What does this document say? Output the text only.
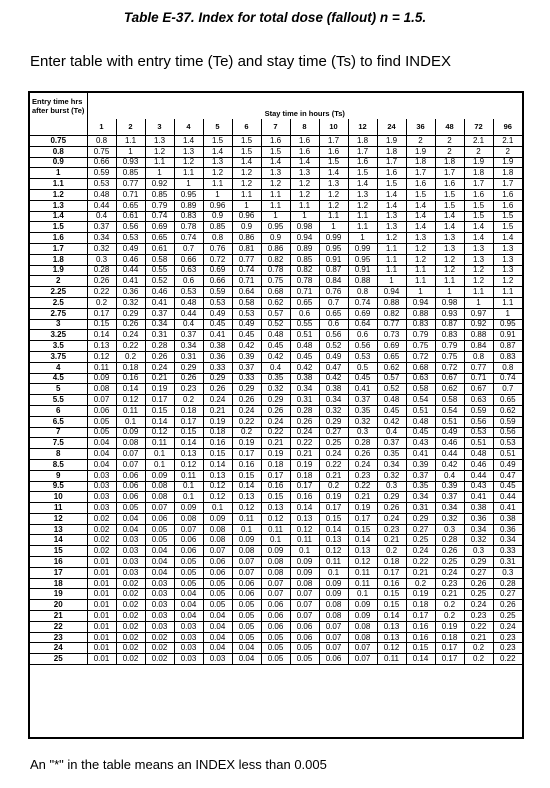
Table E-37. Index for total dose (fallout) n = 1.5.
Enter table with entry time (Te) and stay time (Ts) to find INDEX
Entry time hrs after burst (Te)	Stay time in hours (Ts)														
	1	2	3	4	5	6	7	8	10	12	24	36	48	72	96
0.75	0.8	1.1	1.3	1.4	1.5	1.5	1.6	1.6	1.7	1.8	1.9	2	2	2.1	2.1
0.8	0.75	1	1.2	1.3	1.4	1.5	1.5	1.6	1.6	1.7	1.8	1.9	2	2	2
0.9	0.66	0.93	1.1	1.2	1.3	1.4	1.4	1.4	1.5	1.6	1.7	1.8	1.8	1.9	1.9
1	0.59	0.85	1	1.1	1.2	1.2	1.3	1.3	1.4	1.5	1.6	1.7	1.7	1.8	1.8
1.1	0.53	0.77	0.92	1	1.1	1.2	1.2	1.2	1.3	1.4	1.5	1.6	1.6	1.7	1.7
1.2	0.48	0.71	0.85	0.95	1	1.1	1.1	1.2	1.2	1.3	1.4	1.5	1.5	1.6	1.6
1.3	0.44	0.65	0.79	0.89	0.96	1	1.1	1.1	1.2	1.2	1.4	1.4	1.5	1.5	1.6
1.4	0.4	0.61	0.74	0.83	0.9	0.96	1	1	1.1	1.1	1.3	1.4	1.4	1.5	1.5
1.5	0.37	0.56	0.69	0.78	0.85	0.9	0.95	0.98	1	1.1	1.3	1.4	1.4	1.4	1.5
1.6	0.34	0.53	0.65	0.74	0.8	0.86	0.9	0.94	0.99	1	1.2	1.3	1.3	1.4	1.4
1.7	0.32	0.49	0.61	0.7	0.76	0.81	0.86	0.89	0.95	0.99	1.1	1.2	1.3	1.3	1.3
1.8	0.3	0.46	0.58	0.66	0.72	0.77	0.82	0.85	0.91	0.95	1.1	1.2	1.2	1.3	1.3
1.9	0.28	0.44	0.55	0.63	0.69	0.74	0.78	0.82	0.87	0.91	1.1	1.1	1.2	1.2	1.3
2	0.26	0.41	0.52	0.6	0.66	0.71	0.75	0.78	0.84	0.88	1	1.1	1.1	1.2	1.2
2.25	0.22	0.36	0.46	0.53	0.59	0.64	0.68	0.71	0.76	0.8	0.94	1	1	1.1	1.1
2.5	0.2	0.32	0.41	0.48	0.53	0.58	0.62	0.65	0.7	0.74	0.88	0.94	0.98	1	1.1
2.75	0.17	0.29	0.37	0.44	0.49	0.53	0.57	0.6	0.65	0.69	0.82	0.88	0.93	0.97	1
3	0.15	0.26	0.34	0.4	0.45	0.49	0.52	0.55	0.6	0.64	0.77	0.83	0.87	0.92	0.95
3.25	0.14	0.24	0.31	0.37	0.41	0.45	0.48	0.51	0.56	0.6	0.73	0.79	0.83	0.88	0.91
3.5	0.13	0.22	0.28	0.34	0.38	0.42	0.45	0.48	0.52	0.56	0.69	0.75	0.79	0.84	0.87
3.75	0.12	0.2	0.26	0.31	0.36	0.39	0.42	0.45	0.49	0.53	0.65	0.72	0.75	0.8	0.83
4	0.11	0.18	0.24	0.29	0.33	0.37	0.4	0.42	0.47	0.5	0.62	0.68	0.72	0.77	0.8
4.5	0.09	0.16	0.21	0.26	0.29	0.33	0.35	0.38	0.42	0.45	0.57	0.63	0.67	0.71	0.74
5	0.08	0.14	0.19	0.23	0.26	0.29	0.32	0.34	0.38	0.41	0.52	0.58	0.62	0.67	0.7
5.5	0.07	0.12	0.17	0.2	0.24	0.26	0.29	0.31	0.34	0.37	0.48	0.54	0.58	0.63	0.65
6	0.06	0.11	0.15	0.18	0.21	0.24	0.26	0.28	0.32	0.35	0.45	0.51	0.54	0.59	0.62
6.5	0.05	0.1	0.14	0.17	0.19	0.22	0.24	0.26	0.29	0.32	0.42	0.48	0.51	0.56	0.59
7	0.05	0.09	0.12	0.15	0.18	0.2	0.22	0.24	0.27	0.3	0.4	0.45	0.49	0.53	0.56
7.5	0.04	0.08	0.11	0.14	0.16	0.19	0.21	0.22	0.25	0.28	0.37	0.43	0.46	0.51	0.53
8	0.04	0.07	0.1	0.13	0.15	0.17	0.19	0.21	0.24	0.26	0.35	0.41	0.44	0.48	0.51
8.5	0.04	0.07	0.1	0.12	0.14	0.16	0.18	0.19	0.22	0.24	0.34	0.39	0.42	0.46	0.49
9	0.03	0.06	0.09	0.11	0.13	0.15	0.17	0.18	0.21	0.23	0.32	0.37	0.4	0.44	0.47
9.5	0.03	0.06	0.08	0.1	0.12	0.14	0.16	0.17	0.2	0.22	0.3	0.35	0.39	0.43	0.45
10	0.03	0.06	0.08	0.1	0.12	0.13	0.15	0.16	0.19	0.21	0.29	0.34	0.37	0.41	0.44
11	0.03	0.05	0.07	0.09	0.1	0.12	0.13	0.14	0.17	0.19	0.26	0.31	0.34	0.38	0.41
12	0.02	0.04	0.06	0.08	0.09	0.11	0.12	0.13	0.15	0.17	0.24	0.29	0.32	0.36	0.38
13	0.02	0.04	0.05	0.07	0.08	0.1	0.11	0.12	0.14	0.15	0.23	0.27	0.3	0.34	0.36
14	0.02	0.03	0.05	0.06	0.08	0.09	0.1	0.11	0.13	0.14	0.21	0.25	0.28	0.32	0.34
15	0.02	0.03	0.04	0.06	0.07	0.08	0.09	0.1	0.12	0.13	0.2	0.24	0.26	0.3	0.33
16	0.01	0.03	0.04	0.05	0.06	0.07	0.08	0.09	0.11	0.12	0.18	0.22	0.25	0.29	0.31
17	0.01	0.03	0.04	0.05	0.06	0.07	0.08	0.09	0.1	0.11	0.17	0.21	0.24	0.27	0.3
18	0.01	0.02	0.03	0.05	0.05	0.06	0.07	0.08	0.09	0.11	0.16	0.2	0.23	0.26	0.28
19	0.01	0.02	0.03	0.04	0.05	0.06	0.07	0.07	0.09	0.1	0.15	0.19	0.21	0.25	0.27
20	0.01	0.02	0.03	0.04	0.05	0.05	0.06	0.07	0.08	0.09	0.15	0.18	0.2	0.24	0.26
21	0.01	0.02	0.03	0.04	0.04	0.05	0.06	0.07	0.08	0.09	0.14	0.17	0.2	0.23	0.25
22	0.01	0.02	0.03	0.03	0.04	0.05	0.06	0.06	0.07	0.08	0.13	0.16	0.19	0.22	0.24
23	0.01	0.02	0.02	0.03	0.04	0.05	0.05	0.06	0.07	0.08	0.13	0.16	0.18	0.21	0.23
24	0.01	0.02	0.02	0.03	0.04	0.04	0.05	0.05	0.07	0.07	0.12	0.15	0.17	0.2	0.23
25	0.01	0.02	0.02	0.03	0.03	0.04	0.05	0.05	0.06	0.07	0.11	0.14	0.17	0.2	0.22
An "*" in the table means an INDEX less than 0.005
